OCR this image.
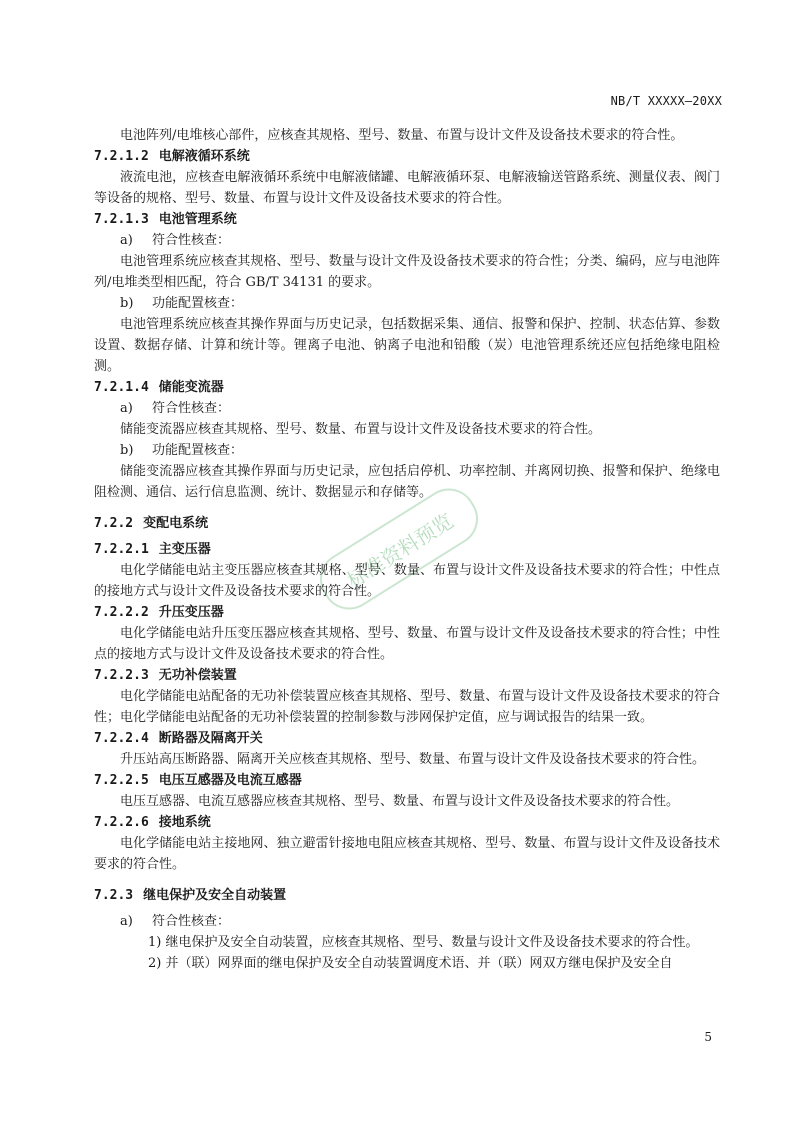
NB/T XXXXX—20XX
标准资料预览

电池阵列/电堆核心部件，应核查其规格、型号、数量、布置与设计文件及设备技术要求的符合性。

7.2.1.2 电解液循环系统

液流电池，应核查电解液循环系统中电解液储罐、电解液循环泵、电解液输送管路系统、测量仪表、阀门等设备的规格、型号、数量、布置与设计文件及设备技术要求的符合性。

7.2.1.3 电池管理系统

a) 符合性核查：

电池管理系统应核查其规格、型号、数量与设计文件及设备技术要求的符合性；分类、编码，应与电池阵列/电堆类型相匹配，符合 GB/T 34131 的要求。

b) 功能配置核查：

电池管理系统应核查其操作界面与历史记录，包括数据采集、通信、报警和保护、控制、状态估算、参数设置、数据存储、计算和统计等。锂离子电池、钠离子电池和铅酸（炭）电池管理系统还应包括绝缘电阻检测。

7.2.1.4 储能变流器

a) 符合性核查：

储能变流器应核查其规格、型号、数量、布置与设计文件及设备技术要求的符合性。

b) 功能配置核查：

储能变流器应核查其操作界面与历史记录，应包括启停机、功率控制、并离网切换、报警和保护、绝缘电阻检测、通信、运行信息监测、统计、数据显示和存储等。

7.2.2 变配电系统
7.2.2.1 主变压器

电化学储能电站主变压器应核查其规格、型号、数量、布置与设计文件及设备技术要求的符合性；中性点的接地方式与设计文件及设备技术要求的符合性。

7.2.2.2 升压变压器

电化学储能电站升压变压器应核查其规格、型号、数量、布置与设计文件及设备技术要求的符合性；中性点的接地方式与设计文件及设备技术要求的符合性。

7.2.2.3 无功补偿装置

电化学储能电站配备的无功补偿装置应核查其规格、型号、数量、布置与设计文件及设备技术要求的符合性；电化学储能电站配备的无功补偿装置的控制参数与涉网保护定值，应与调试报告的结果一致。

7.2.2.4 断路器及隔离开关

升压站高压断路器、隔离开关应核查其规格、型号、数量、布置与设计文件及设备技术要求的符合性。

7.2.2.5 电压互感器及电流互感器

电压互感器、电流互感器应核查其规格、型号、数量、布置与设计文件及设备技术要求的符合性。

7.2.2.6 接地系统

电化学储能电站主接地网、独立避雷针接地电阻应核查其规格、型号、数量、布置与设计文件及设备技术要求的符合性。

7.2.3 继电保护及安全自动装置

a) 符合性核查：

1) 继电保护及安全自动装置，应核查其规格、型号、数量与设计文件及设备技术要求的符合性。

2) 并（联）网界面的继电保护及安全自动装置调度术语、并（联）网双方继电保护及安全自

5
